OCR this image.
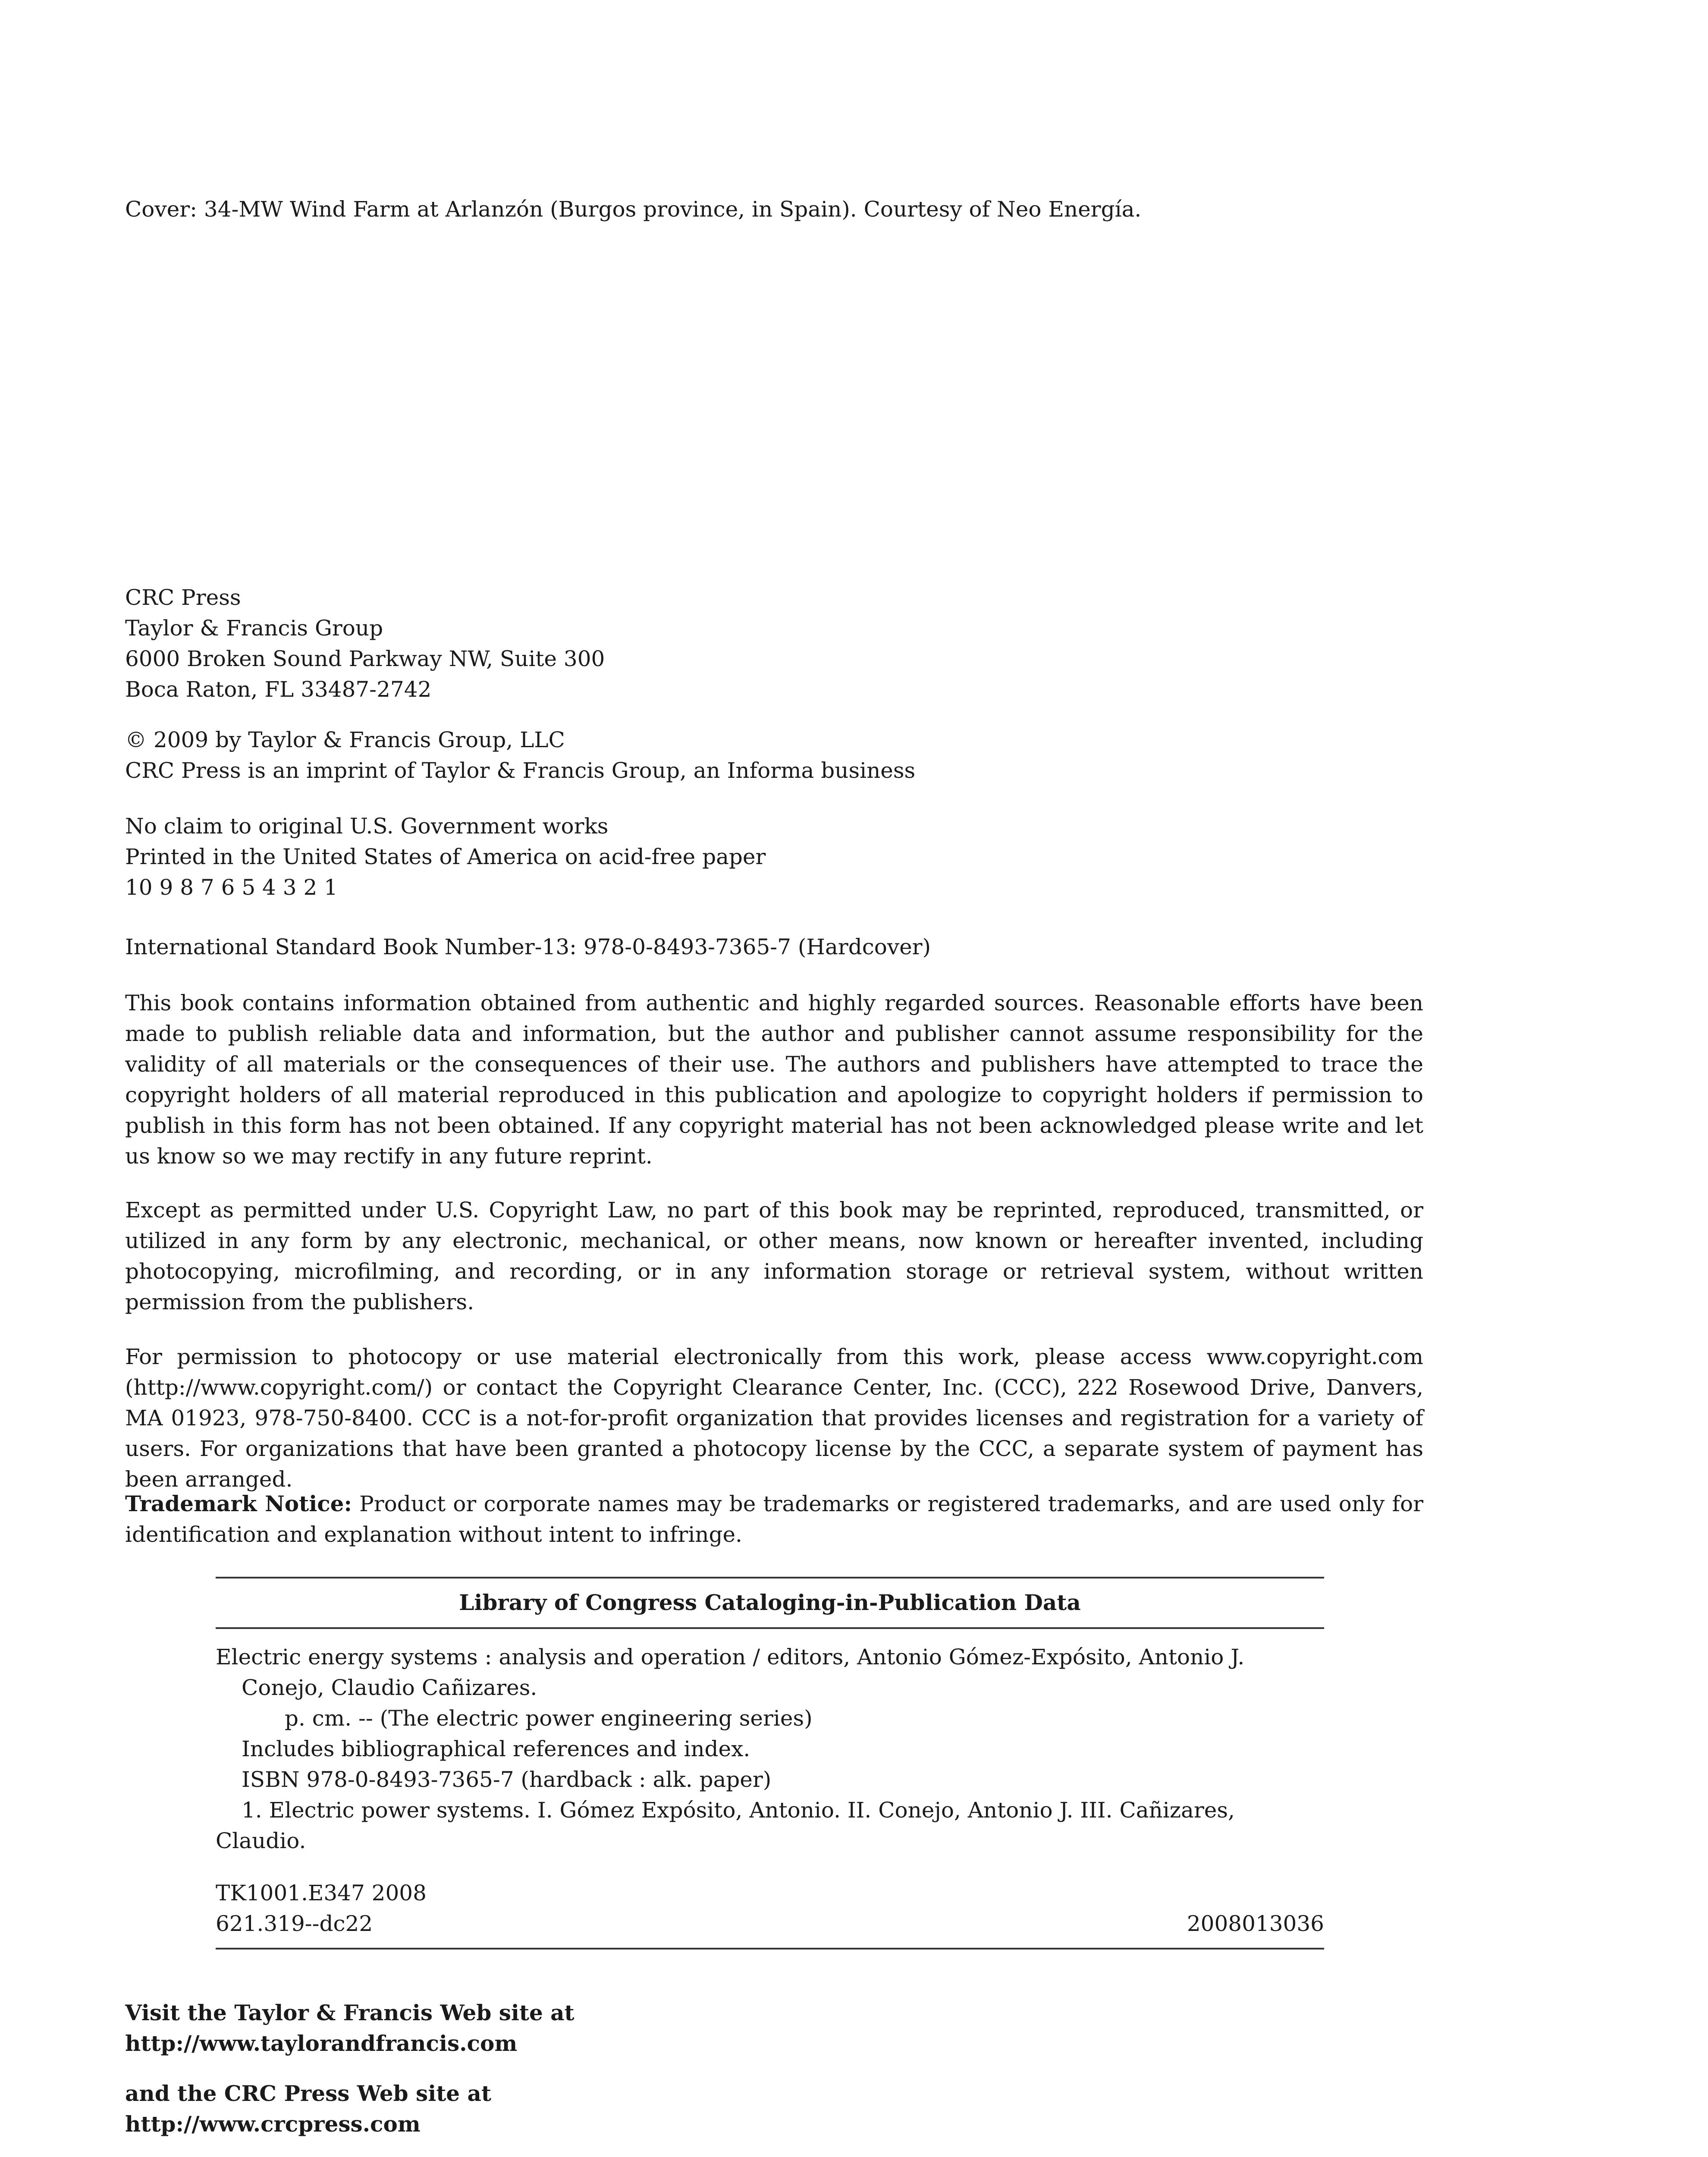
Cover: 34-MW Wind Farm at Arlanzón (Burgos province, in Spain). Courtesy of Neo Energía.

CRC Press

Taylor & Francis Group

6000 Broken Sound Parkway NW, Suite 300

Boca Raton, FL 33487-2742

© 2009 by Taylor & Francis Group, LLC

CRC Press is an imprint of Taylor & Francis Group, an Informa business

No claim to original U.S. Government works

Printed in the United States of America on acid-free paper

10 9 8 7 6 5 4 3 2 1

International Standard Book Number-13: 978-0-8493-7365-7 (Hardcover)

This book contains information obtained from authentic and highly regarded sources. Reasonable efforts have been made to publish reliable data and information, but the author and publisher cannot assume responsibility for the validity of all materials or the consequences of their use. The authors and publishers have attempted to trace the copyright holders of all material reproduced in this publication and apologize to copyright holders if permission to publish in this form has not been obtained. If any copyright material has not been acknowledged please write and let us know so we may rectify in any future reprint.

Except as permitted under U.S. Copyright Law, no part of this book may be reprinted, reproduced, transmitted, or utilized in any form by any electronic, mechanical, or other means, now known or hereafter invented, including photocopying, microfilming, and recording, or in any information storage or retrieval system, without written permission from the publishers.

For permission to photocopy or use material electronically from this work, please access www.copyright.com (http://www.copyright.com/) or contact the Copyright Clearance Center, Inc. (CCC), 222 Rosewood Drive, Danvers, MA 01923, 978-750-8400. CCC is a not-for-profit organization that provides licenses and registration for a variety of users. For organizations that have been granted a photocopy license by the CCC, a separate system of payment has been arranged.

Trademark Notice: Product or corporate names may be trademarks or registered trademarks, and are used only for identification and explanation without intent to infringe.

Library of Congress Cataloging-in-Publication Data

Electric energy systems : analysis and operation / editors, Antonio Gómez-Expósito, Antonio J.

Conejo, Claudio Cañizares.

p. cm. -- (The electric power engineering series)

Includes bibliographical references and index.

ISBN 978-0-8493-7365-7 (hardback : alk. paper)

1. Electric power systems. I. Gómez Expósito, Antonio. II. Conejo, Antonio J. III. Cañizares,

Claudio.

TK1001.E347 2008

621.319--dc22	2008013036

Visit the Taylor & Francis Web site at

http://www.taylorandfrancis.com

and the CRC Press Web site at

http://www.crcpress.com
